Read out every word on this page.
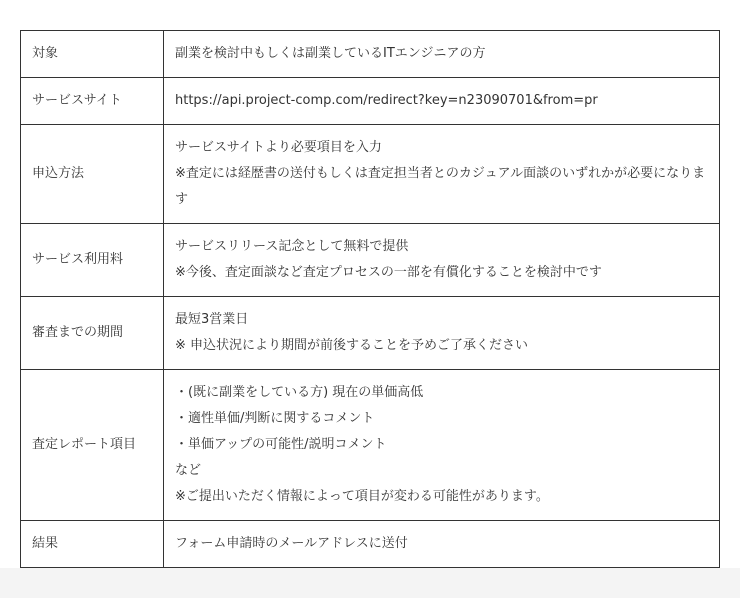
対象	副業を検討中もしくは副業しているITエンジニアの方

サービスサイト	https://api.project-comp.com/redirect?key=n23090701&from=pr

申込方法	サービスサイトより必要項目を入力
※査定には経歴書の送付もしくは査定担当者とのカジュアル面談のいずれかが必要になります

サービス利用料	サービスリリース記念として無料で提供
※今後、査定面談など査定プロセスの一部を有償化することを検討中です

審査までの期間	最短3営業日
※ 申込状況により期間が前後することを予めご了承ください

査定レポート項目	・(既に副業をしている方) 現在の単価高低
・適性単価/判断に関するコメント
・単価アップの可能性/説明コメント
など
※ご提出いただく情報によって項目が変わる可能性があります。

結果	フォーム申請時のメールアドレスに送付
